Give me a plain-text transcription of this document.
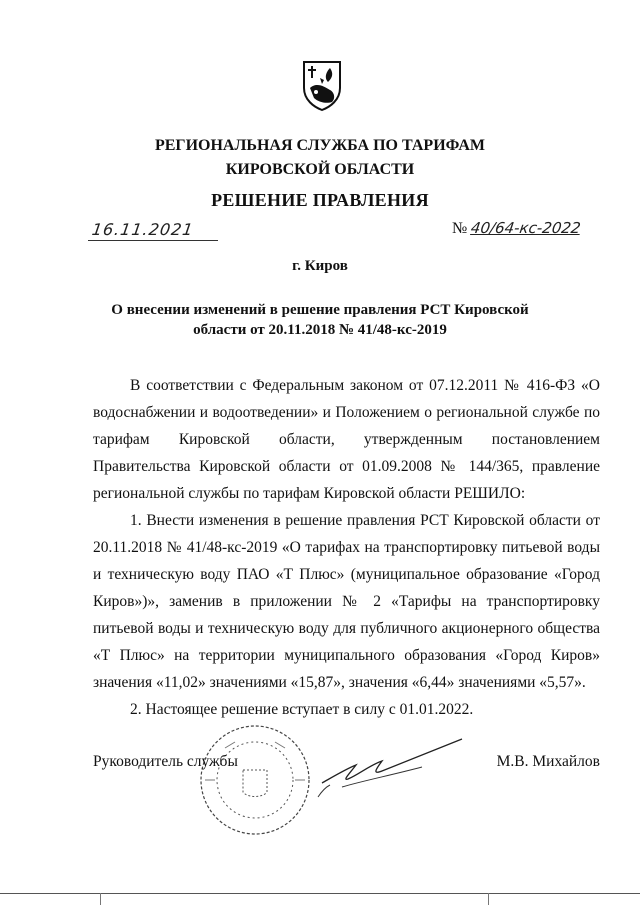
РЕГИОНАЛЬНАЯ СЛУЖБА ПО ТАРИФАМ
КИРОВСКОЙ ОБЛАСТИ
РЕШЕНИЕ ПРАВЛЕНИЯ
16.11.2021	№ 40/64-кс-2022
г. Киров
О внесении изменений в решение правления РСТ Кировской
области от 20.11.2018 № 41/48-кс-2019

В соответствии с Федеральным законом от 07.12.2011 № 416-ФЗ «О водоснабжении и водоотведении» и Положением о региональной службе по тарифам Кировской области, утвержденным постановлением Правительства Кировской области от 01.09.2008 № 144/365, правление региональной службы по тарифам Кировской области РЕШИЛО:

1. Внести изменения в решение правления РСТ Кировской области от 20.11.2018 № 41/48-кс-2019 «О тарифах на транспортировку питьевой воды и техническую воду ПАО «Т Плюс» (муниципальное образование «Город Киров»)», заменив в приложении № 2 «Тарифы на транспортировку питьевой воды и техническую воду для публичного акционерного общества «Т Плюс» на территории муниципального образования «Город Киров» значения «11,02» значениями «15,87», значения «6,44» значениями «5,57».

2. Настоящее решение вступает в силу с 01.01.2022.

Руководитель службы	М.В. Михайлов
